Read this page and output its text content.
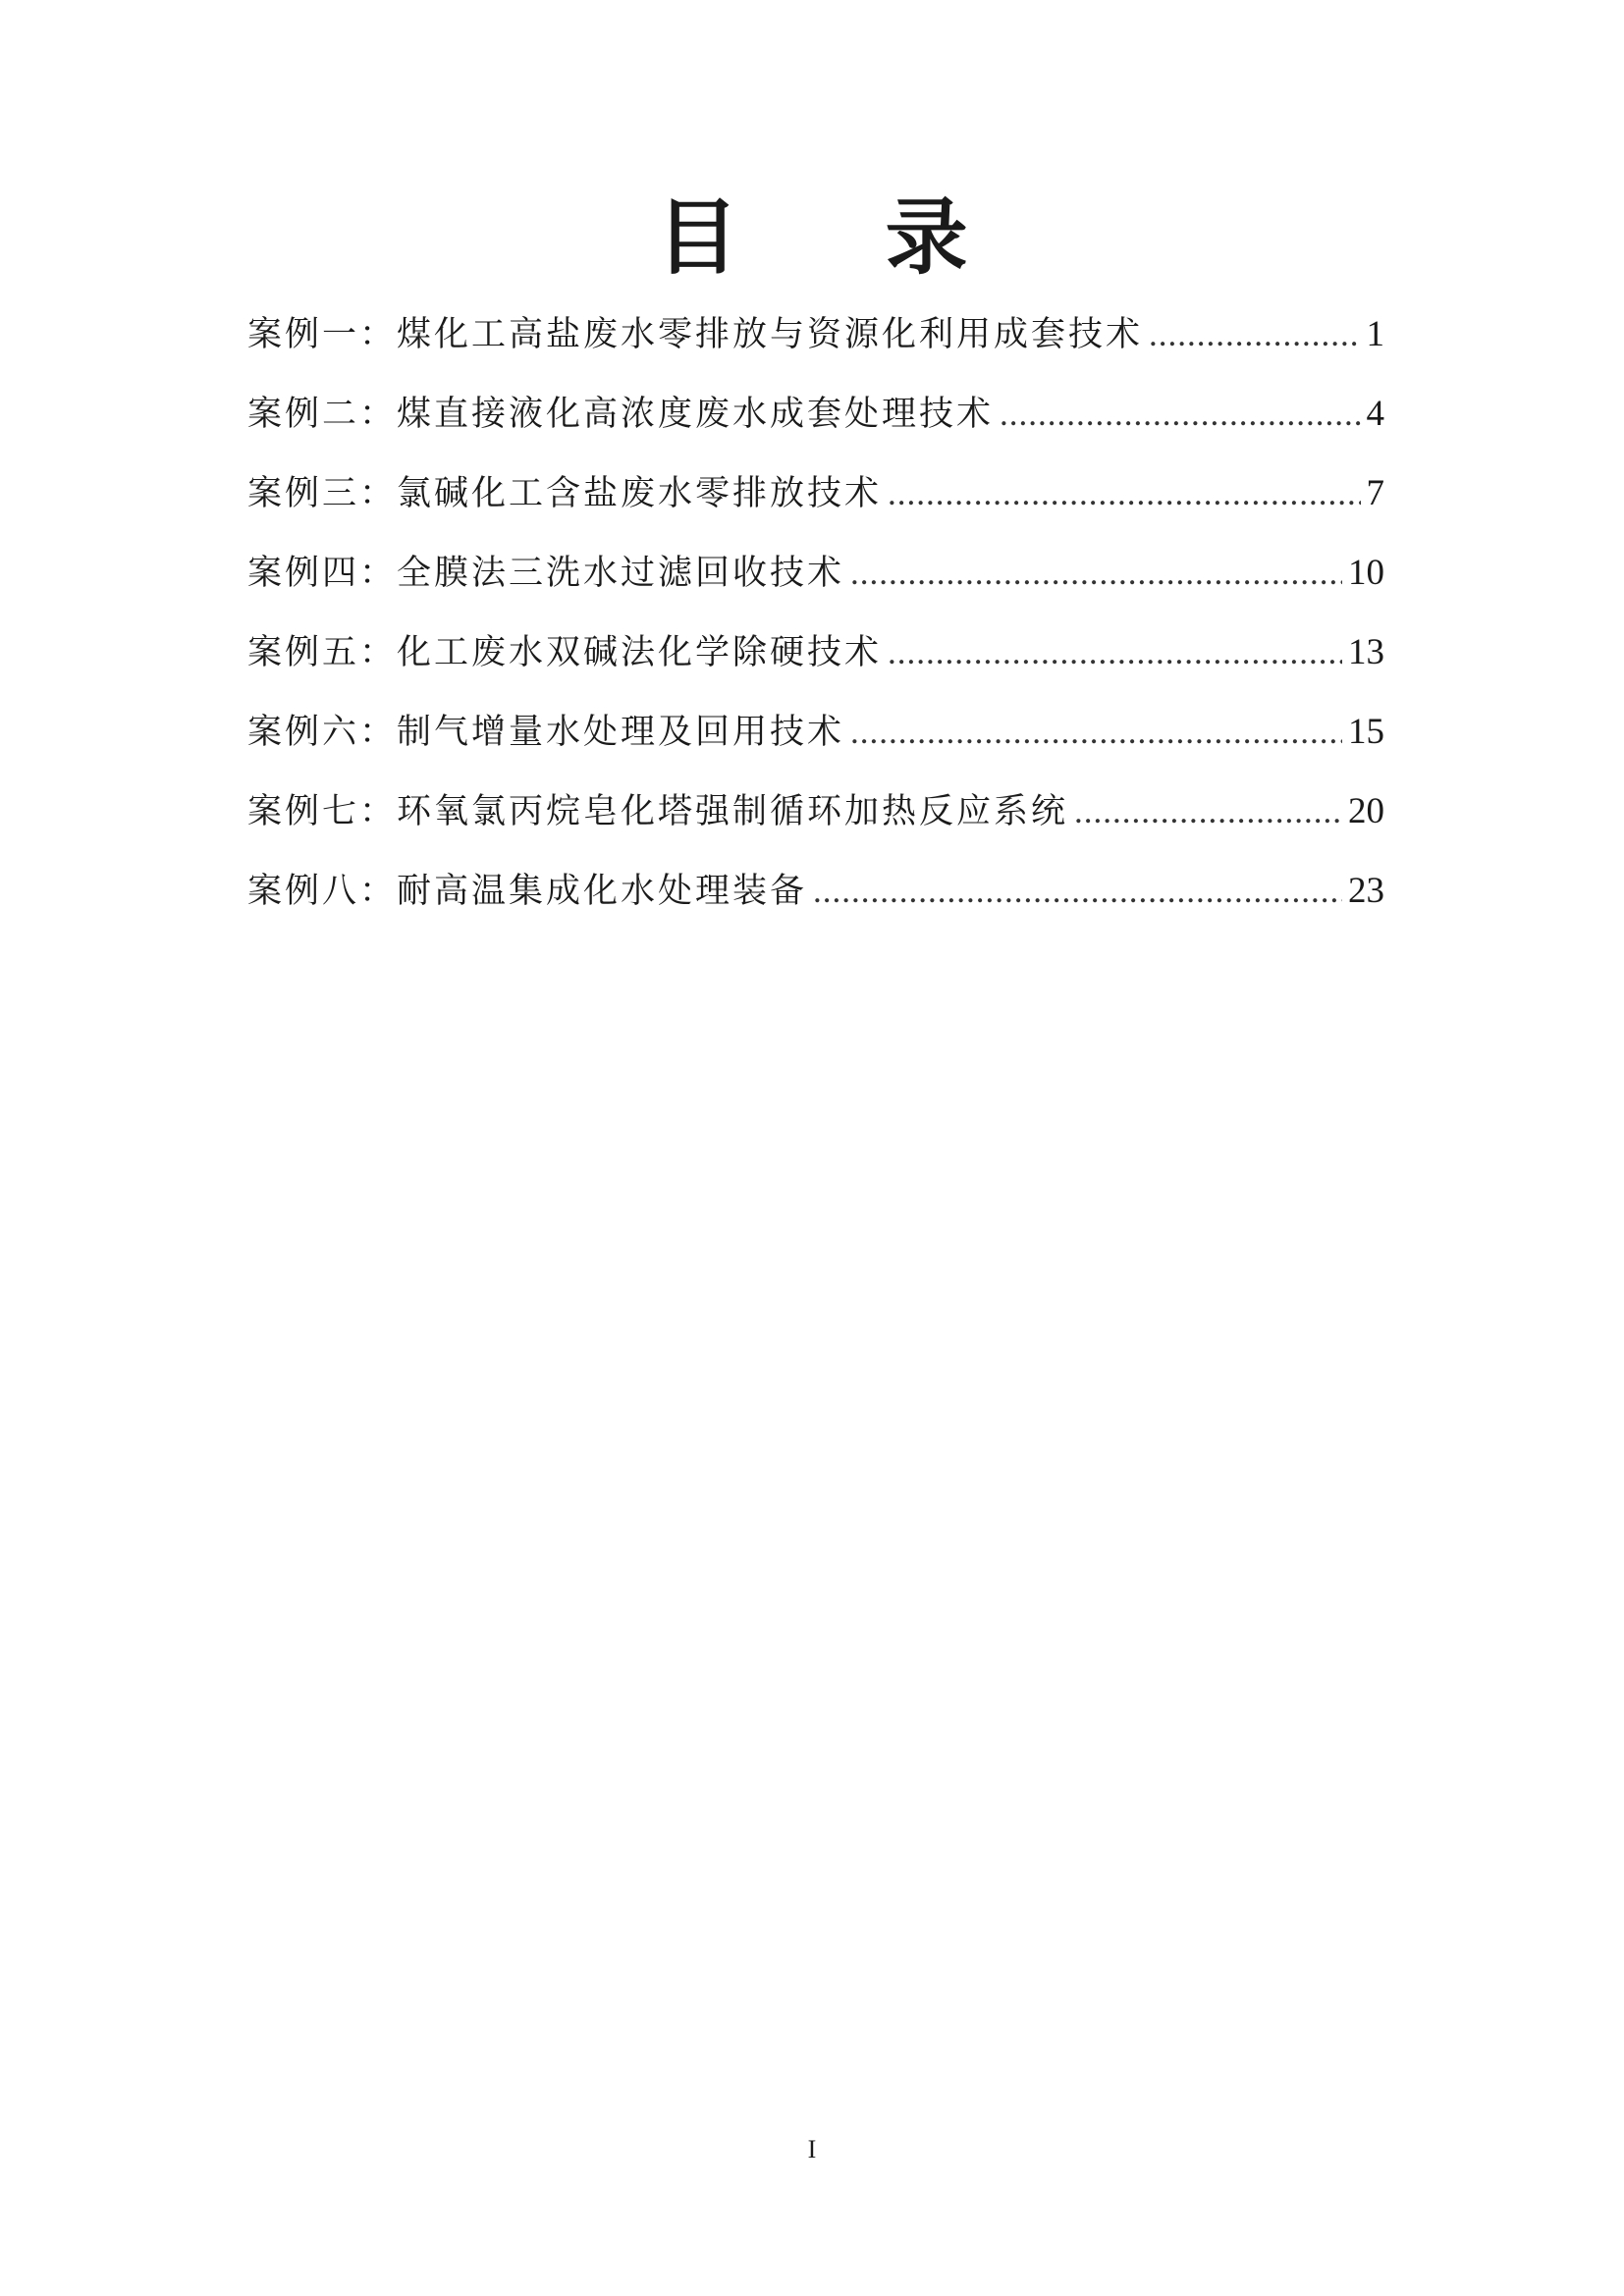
目 录
案例一：煤化工高盐废水零排放与资源化利用成套技术 .....	1
案例二：煤直接液化高浓度废水成套处理技术 .....	4
案例三：氯碱化工含盐废水零排放技术 .....	7
案例四：全膜法三洗水过滤回收技术 .....	10
案例五：化工废水双碱法化学除硬技术 .....	13
案例六：制气增量水处理及回用技术 .....	15
案例七：环氧氯丙烷皂化塔强制循环加热反应系统 .....	20
案例八：耐高温集成化水处理装备 .....	23
I
